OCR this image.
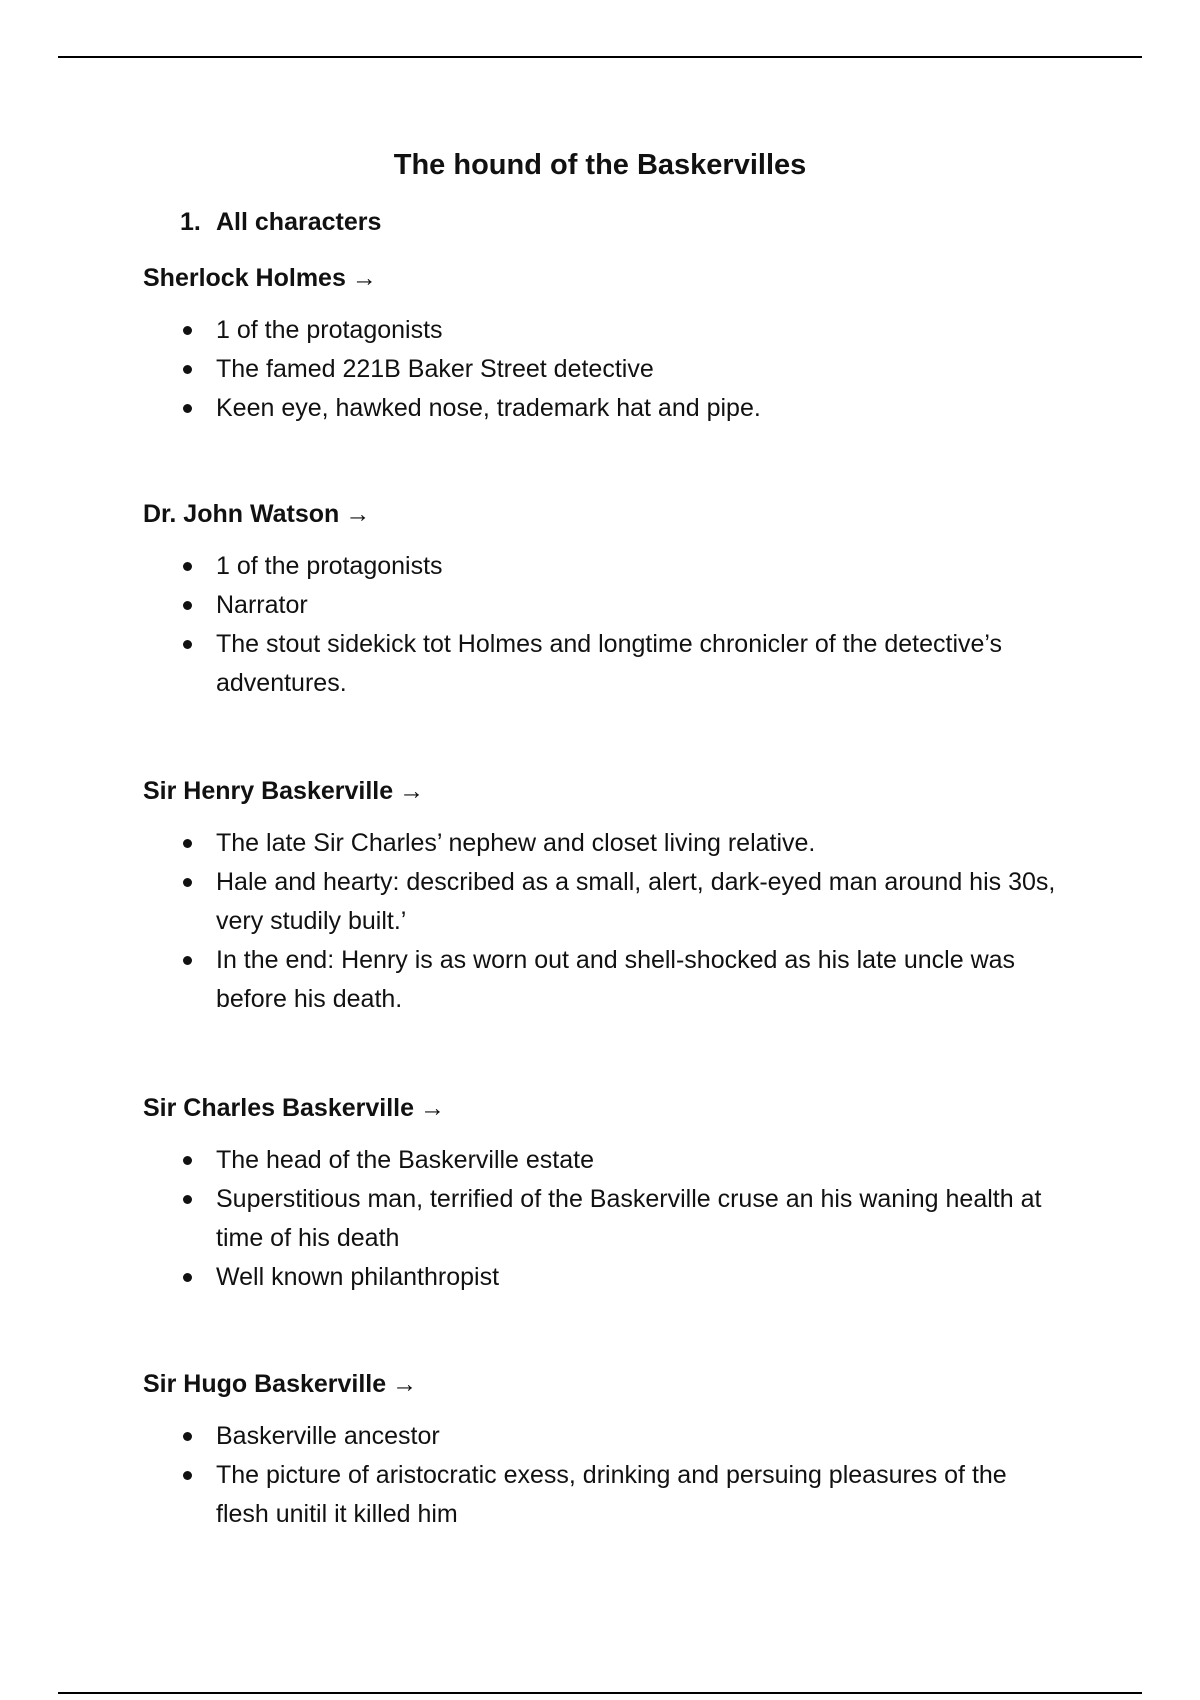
The hound of the Baskervilles
1. All characters

Sherlock Holmes →

1 of the protagonists
The famed 221B Baker Street detective
Keen eye, hawked nose, trademark hat and pipe.

Dr. John Watson →

1 of the protagonists
Narrator
The stout sidekick tot Holmes and longtime chronicler of the detective’s adventures.

Sir Henry Baskerville →

The late Sir Charles’ nephew and closet living relative.
Hale and hearty: described as a small, alert, dark-eyed man around his 30s, very studily built.’
In the end: Henry is as worn out and shell-shocked as his late uncle was before his death.

Sir Charles Baskerville →

The head of the Baskerville estate
Superstitious man, terrified of the Baskerville cruse an his waning health at time of his death
Well known philanthropist

Sir Hugo Baskerville →

Baskerville ancestor
The picture of aristocratic exess, drinking and persuing pleasures of the flesh unitil it killed him
